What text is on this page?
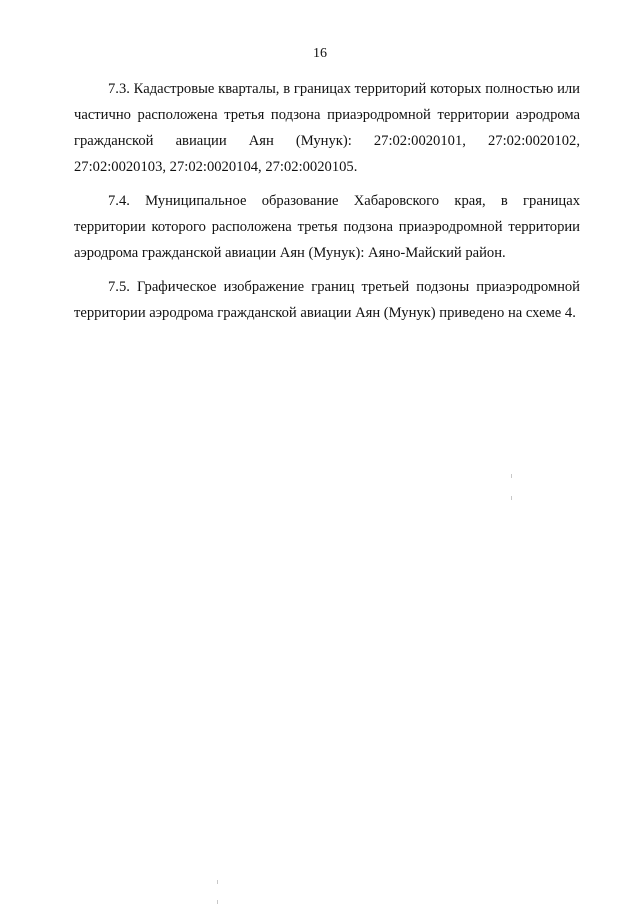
16

7.3. Кадастровые кварталы, в границах территорий которых полностью или частично расположена третья подзона приаэродромной территории аэродрома гражданской авиации Аян (Мунук): 27:02:0020101, 27:02:0020102, 27:02:0020103, 27:02:0020104, 27:02:0020105.

7.4. Муниципальное образование Хабаровского края, в границах территории которого расположена третья подзона приаэродромной территории аэродрома гражданской авиации Аян (Мунук): Аяно-Майский район.

7.5. Графическое изображение границ третьей подзоны приаэродромной территории аэродрома гражданской авиации Аян (Мунук) приведено на схеме 4.
